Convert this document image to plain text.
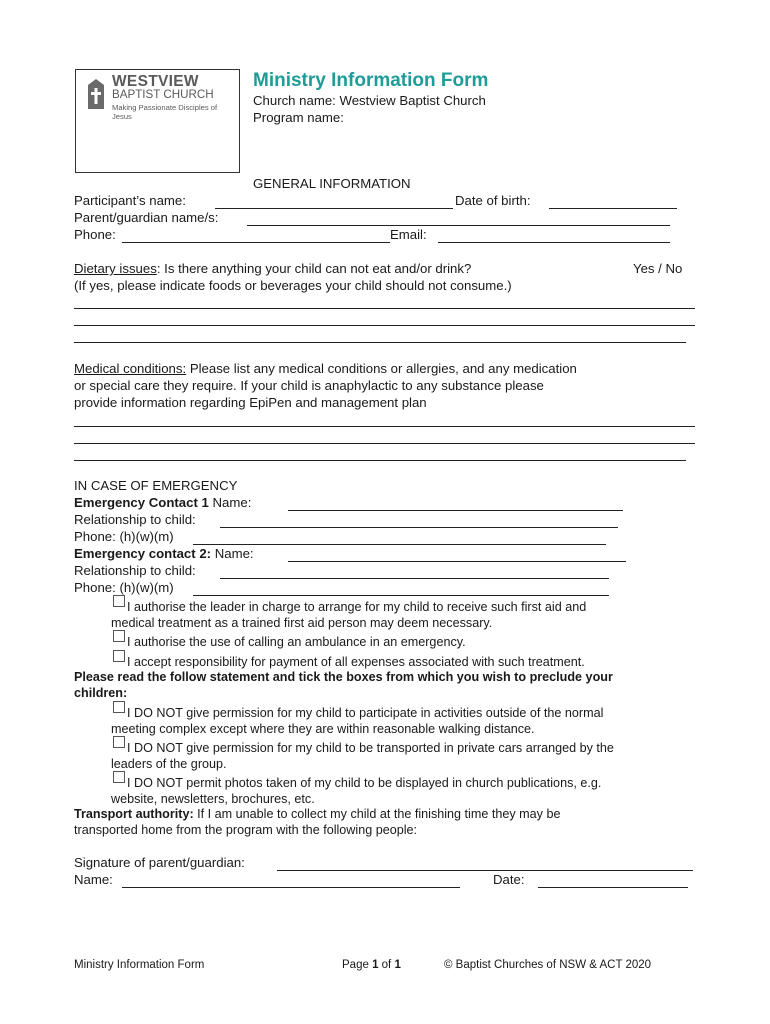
WESTVIEW
BAPTIST CHURCH
Making Passionate Disciples of Jesus
Ministry Information Form
Church name: Westview Baptist Church
Program name:
GENERAL INFORMATION
Participant’s name:	Date of birth:
Parent/guardian name/s:
Phone:	Email:
Dietary issues: Is there anything your child can not eat and/or drink?	Yes / No
(If yes, please indicate foods or beverages your child should not consume.)
Medical conditions: Please list any medical conditions or allergies, and any medication
or special care they require. If your child is anaphylactic to any substance please
provide information regarding EpiPen and management plan
IN CASE OF EMERGENCY
Emergency Contact 1 Name:
Relationship to child:
Phone: (h)(w)(m)
Emergency contact 2: Name:
Relationship to child:
Phone: (h)(w)(m)
I authorise the leader in charge to arrange for my child to receive such first aid and
medical treatment as a trained first aid person may deem necessary.
I authorise the use of calling an ambulance in an emergency.
I accept responsibility for payment of all expenses associated with such treatment.
Please read the follow statement and tick the boxes from which you wish to preclude your
children:
I DO NOT give permission for my child to participate in activities outside of the normal
meeting complex except where they are within reasonable walking distance.
I DO NOT give permission for my child to be transported in private cars arranged by the
leaders of the group.
I DO NOT permit photos taken of my child to be displayed in church publications, e.g.
website, newsletters, brochures, etc.
Transport authority: If I am unable to collect my child at the finishing time they may be
transported home from the program with the following people:
Signature of parent/guardian:
Name:	Date:
Ministry Information Form	Page 1 of 1	© Baptist Churches of NSW & ACT 2020
